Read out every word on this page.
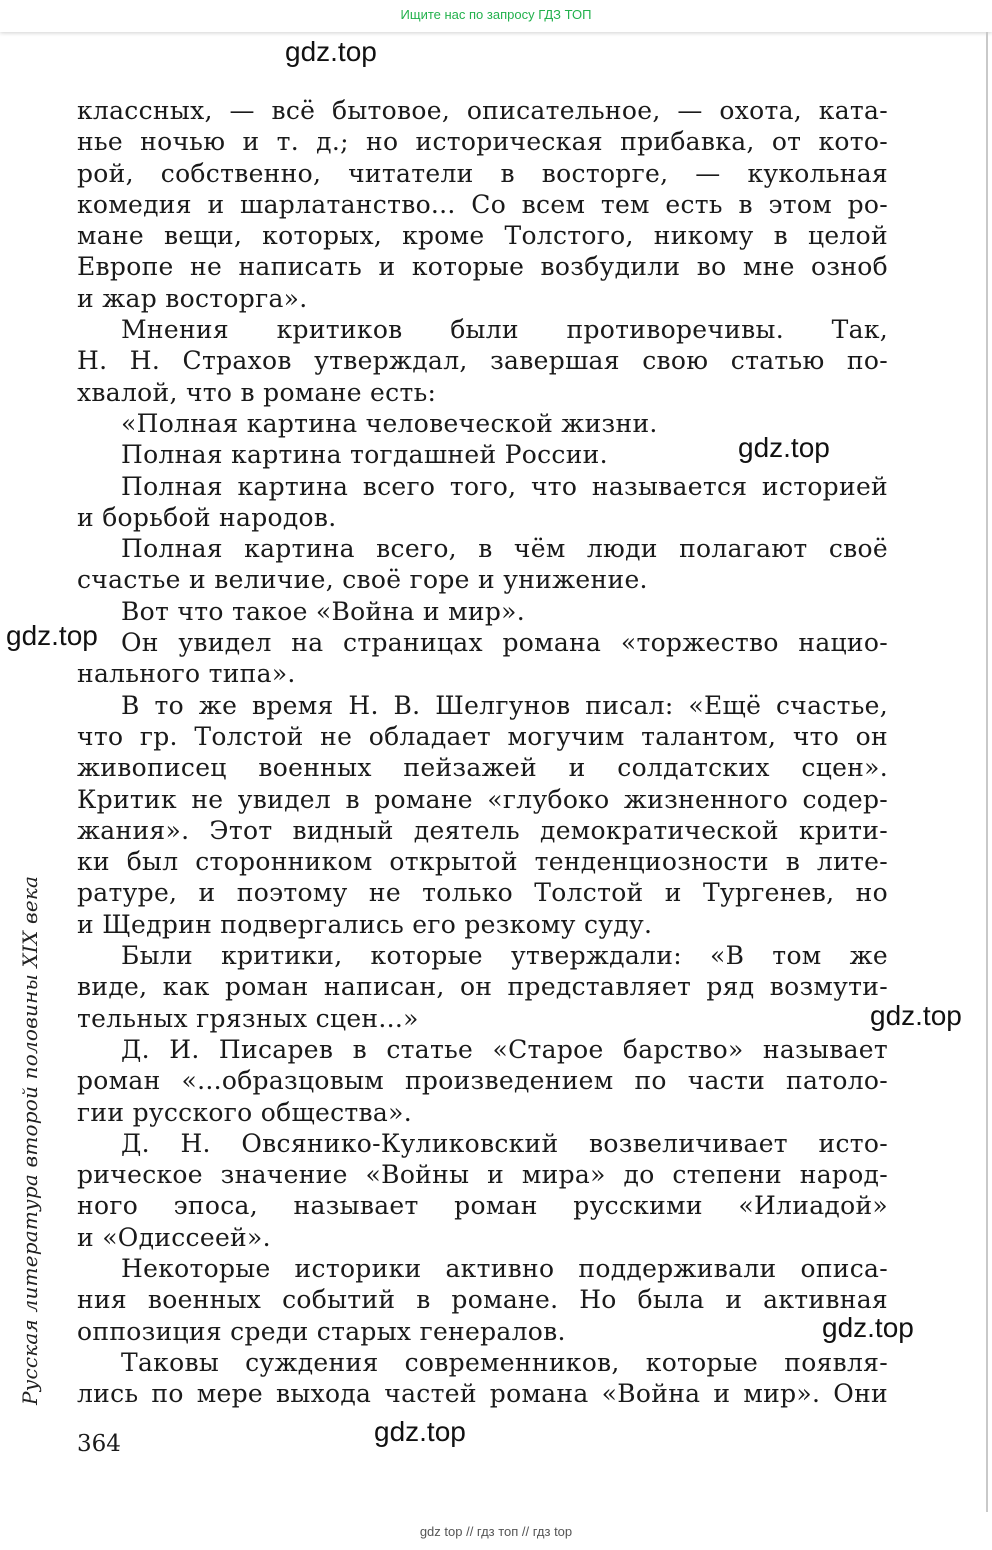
Ищите нас по запросу ГДЗ ТОП
gdz.top
gdz.top
gdz.top
gdz.top
gdz.top
gdz.top
Русская литература второй половины XIX века
классных, — всё бытовое, описательное, — охота, ката-
нье ночью и т. д.; но историческая прибавка, от кото-
рой, собственно, читатели в восторге, — кукольная
комедия и шарлатанство... Со всем тем есть в этом ро-
мане вещи, которых, кроме Толстого, никому в целой
Европе не написать и которые возбудили во мне озноб
и жар восторга».
Мнения критиков были противоречивы. Так,
Н. Н. Страхов утверждал, завершая свою статью по-
хвалой, что в романе есть:
«Полная картина человеческой жизни.
Полная картина тогдашней России.
Полная картина всего того, что называется историей
и борьбой народов.
Полная картина всего, в чём люди полагают своё
счастье и величие, своё горе и унижение.
Вот что такое «Война и мир».
Он увидел на страницах романа «торжество нацио-
нального типа».
В то же время Н. В. Шелгунов писал: «Ещё счастье,
что гр. Толстой не обладает могучим талантом, что он
живописец военных пейзажей и солдатских сцен».
Критик не увидел в романе «глубоко жизненного содер-
жания». Этот видный деятель демократической крити-
ки был сторонником открытой тенденциозности в лите-
ратуре, и поэтому не только Толстой и Тургенев, но
и Щедрин подвергались его резкому суду.
Были критики, которые утверждали: «В том же
виде, как роман написан, он представляет ряд возмути-
тельных грязных сцен...»
Д. И. Писарев в статье «Старое барство» называет
роман «...образцовым произведением по части патоло-
гии русского общества».
Д. Н. Овсянико-Куликовский возвеличивает исто-
рическое значение «Войны и мира» до степени народ-
ного эпоса, называет роман русскими «Илиадой»
и «Одиссеей».
Некоторые историки активно поддерживали описа-
ния военных событий в романе. Но была и активная
оппозиция среди старых генералов.
Таковы суждения современников, которые появля-
лись по мере выхода частей романа «Война и мир». Они
364
gdz top // гдз топ // гдз top
